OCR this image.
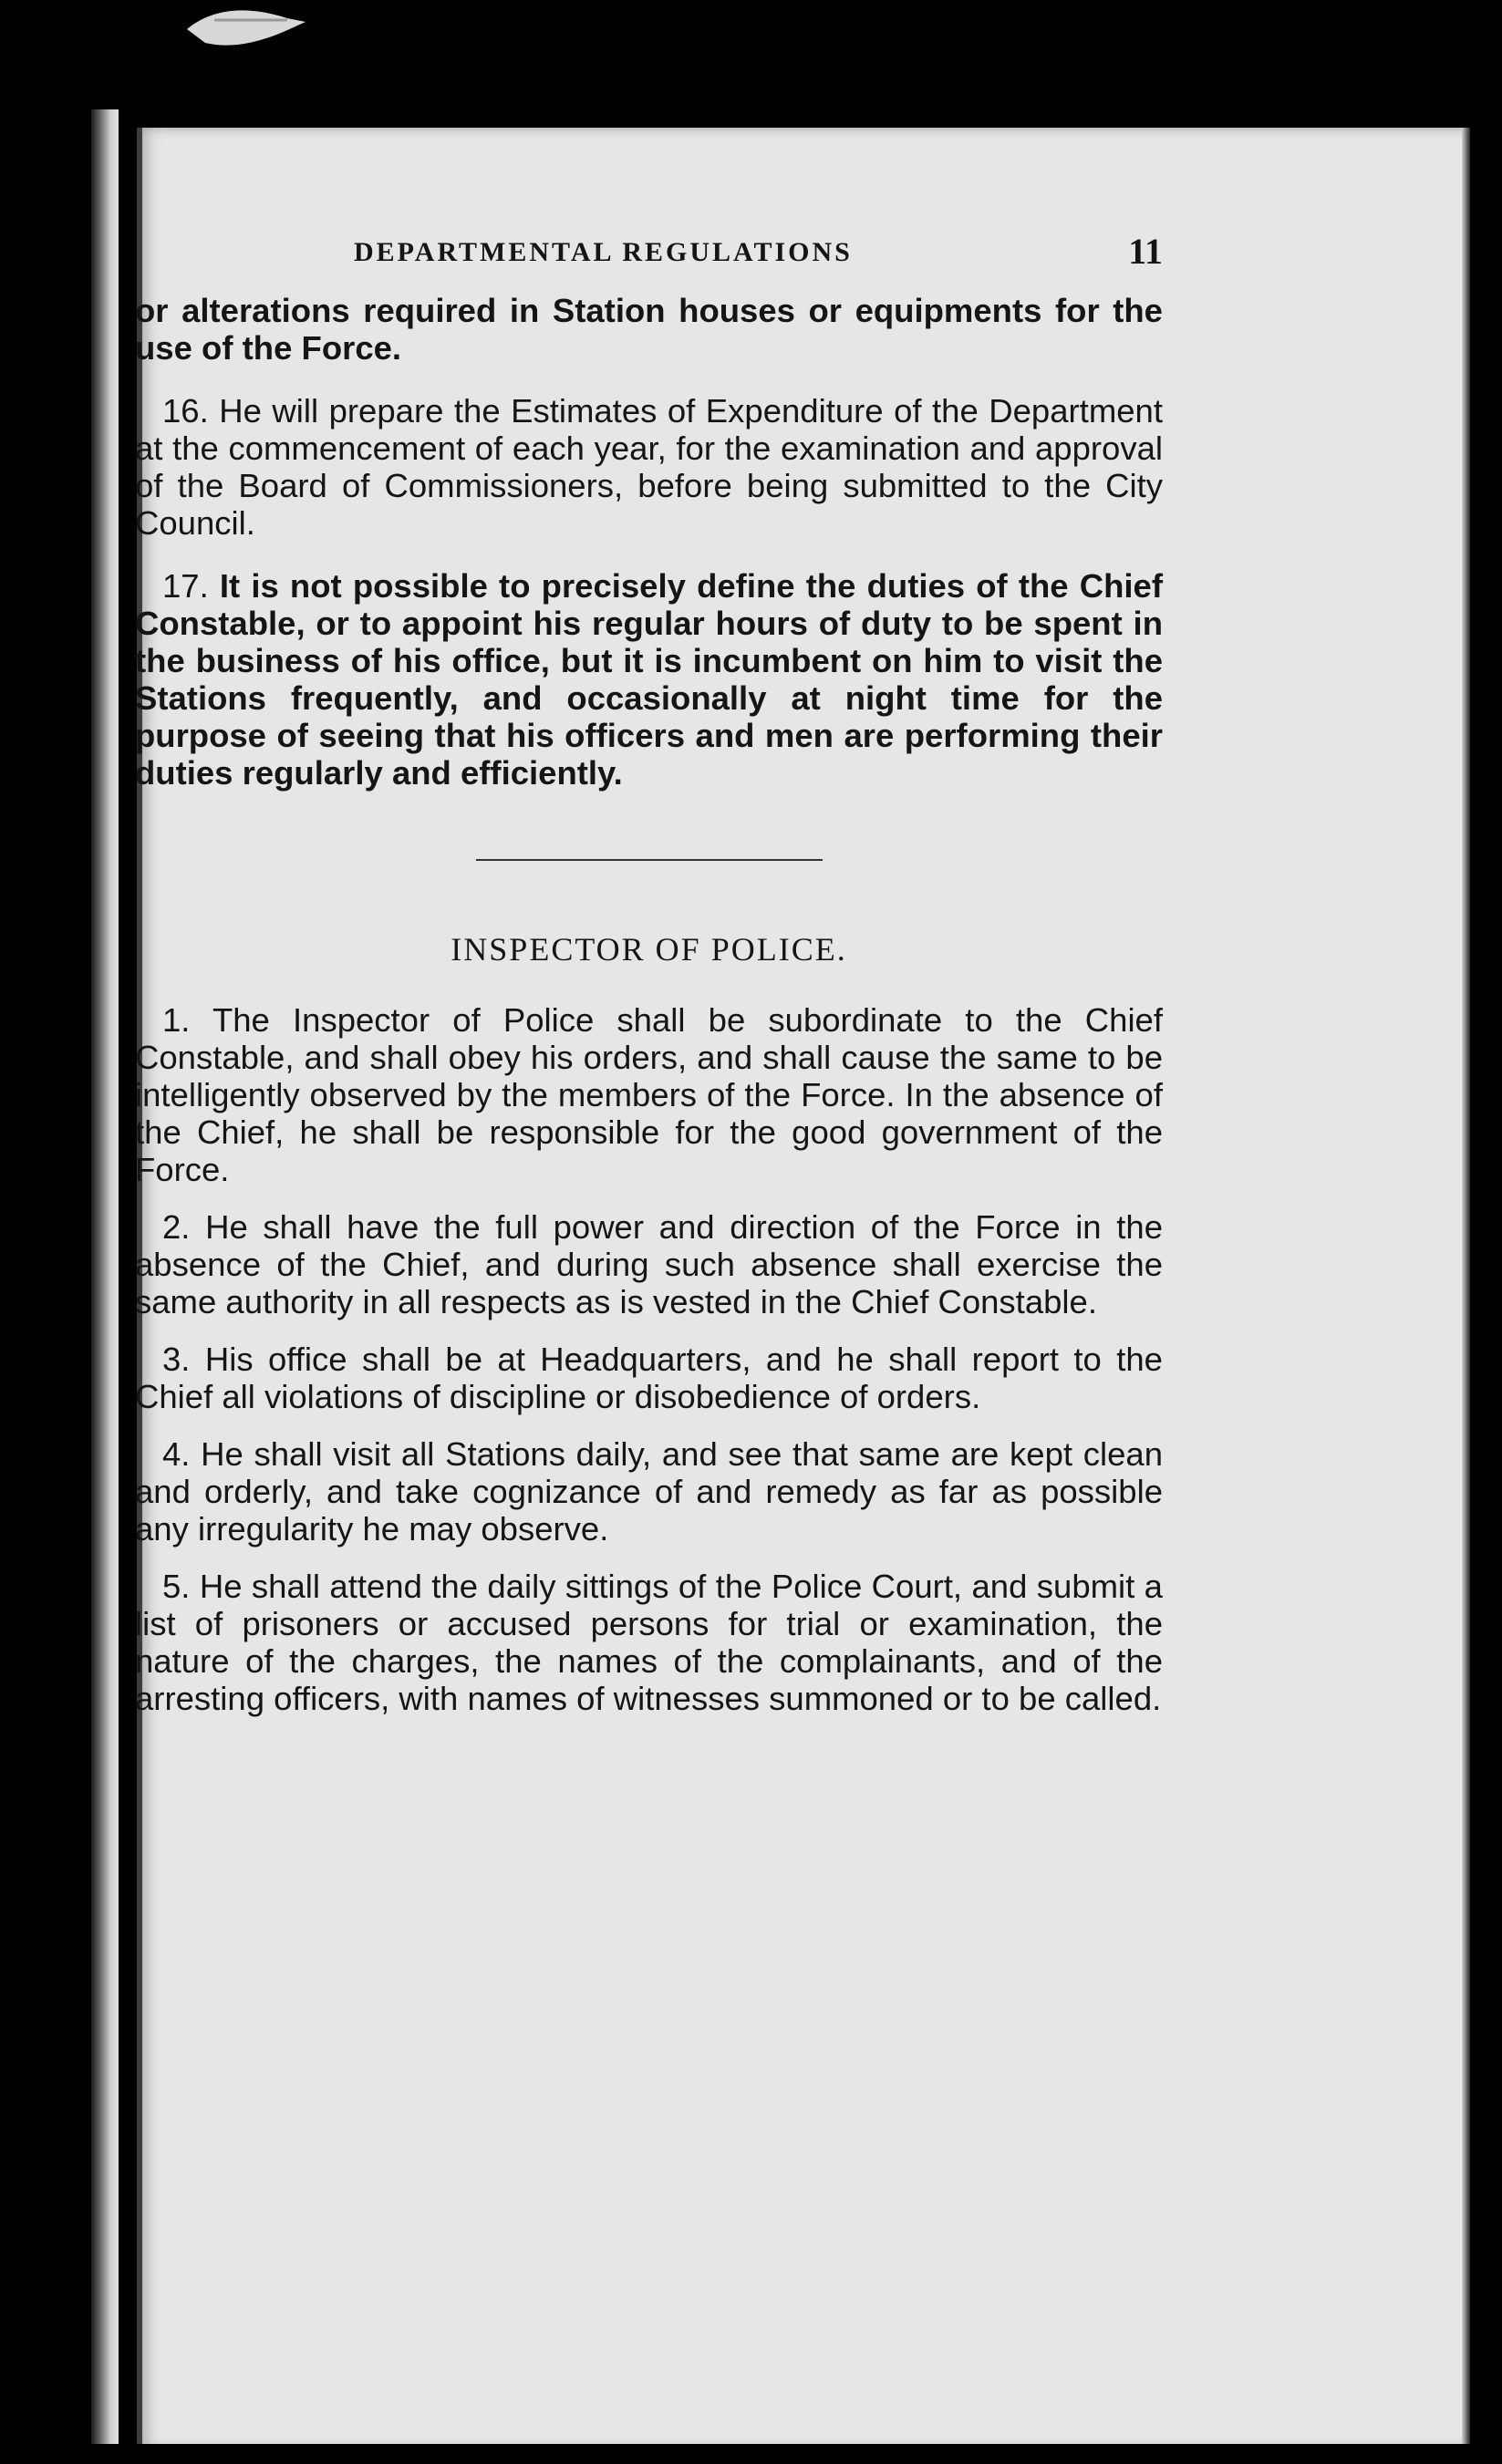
DEPARTMENTAL REGULATIONS	11

or alterations required in Station houses or equipments for the use of the Force.

16. He will prepare the Estimates of Expenditure of the Department at the commencement of each year, for the examination and approval of the Board of Commissioners, before being submitted to the City Council.

17. It is not possible to precisely define the duties of the Chief Constable, or to appoint his regular hours of duty to be spent in the business of his office, but it is incumbent on him to visit the Stations frequently, and occasionally at night time for the purpose of seeing that his officers and men are performing their duties regularly and efficiently.

INSPECTOR OF POLICE.

1. The Inspector of Police shall be subordinate to the Chief Constable, and shall obey his orders, and shall cause the same to be intelligently observed by the members of the Force. In the absence of the Chief, he shall be responsible for the good government of the Force.

2. He shall have the full power and direction of the Force in the absence of the Chief, and during such absence shall exercise the same authority in all respects as is vested in the Chief Constable.

3. His office shall be at Headquarters, and he shall report to the Chief all violations of discipline or disobedience of orders.

4. He shall visit all Stations daily, and see that same are kept clean and orderly, and take cognizance of and remedy as far as possible any irregularity he may observe.

5. He shall attend the daily sittings of the Police Court, and submit a list of prisoners or accused persons for trial or examination, the nature of the charges, the names of the complainants, and of the arresting officers, with names of witnesses summoned or to be called.
